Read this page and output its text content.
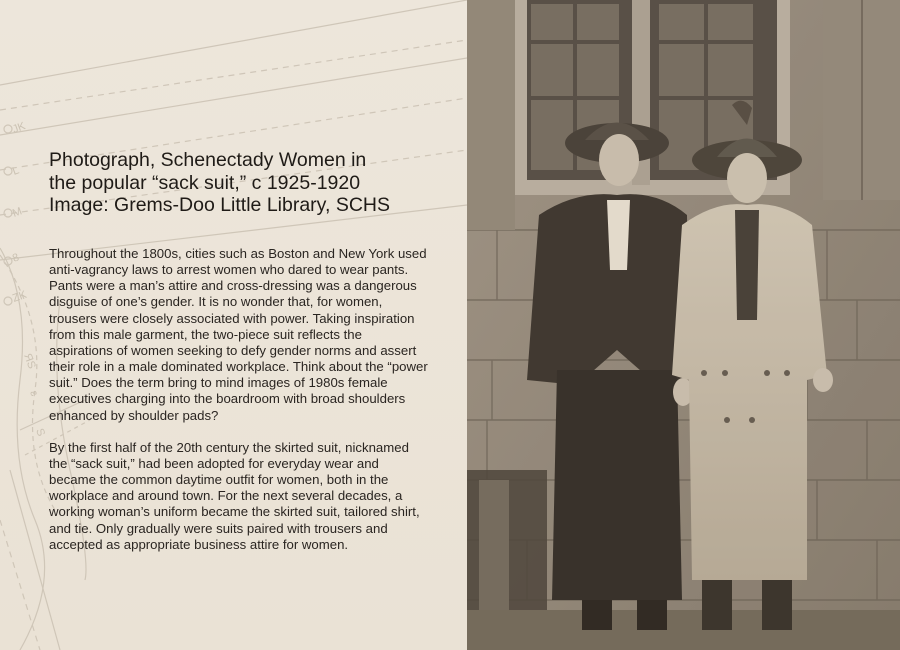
JK
L
M
8
ZK
ЯS
ɛ
S
Photograph, Schenectady Women in
the popular “sack suit,” c 1925-1920
Image: Grems-Doo Little Library, SCHS

Throughout the 1800s, cities such as Boston and New York used anti-vagrancy laws to arrest women who dared to wear pants. Pants were a man’s attire and cross-dressing was a dangerous disguise of one’s gender. It is no wonder that, for women, trousers were closely associated with power. Taking inspiration from this male garment, the two-piece suit reflects the aspirations of women seeking to defy gender norms and assert their role in a male dominated workplace. Think about the “power suit.” Does the term bring to mind images of 1980s female executives charging into the boardroom with broad shoulders enhanced by shoulder pads?

By the first half of the 20th century the skirted suit, nicknamed the “sack suit,” had been adopted for everyday wear and became the common daytime outfit for women, both in the workplace and around town. For the next several decades, a working woman’s uniform became the skirted suit, tailored shirt, and tie. Only gradually were suits paired with trousers and accepted as appropriate business attire for women.
